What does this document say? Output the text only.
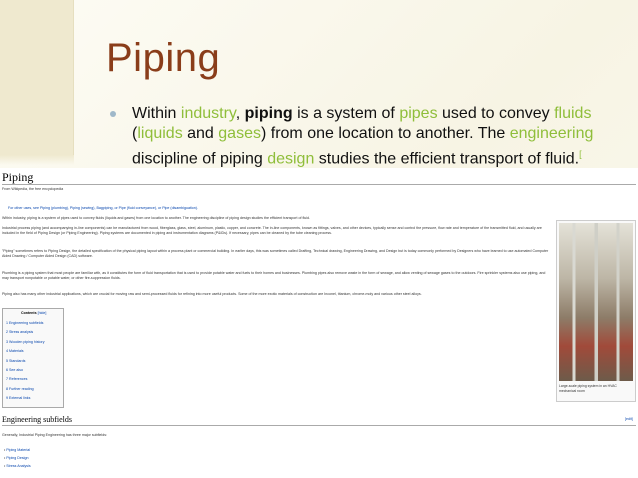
Piping
Within industry, piping is a system of pipes used to convey fluids (liquids and gases) from one location to another. The engineering discipline of piping design studies the efficient transport of fluid.[
Piping
From Wikipedia, the free encyclopedia
For other uses, see Piping (plumbing), Piping (sewing), Bagpiping, or Pipe (fluid conveyance), or Pipe (disambiguation).
Within industry, piping is a system of pipes used to convey fluids (liquids and gases) from one location to another. The engineering discipline of piping design studies the efficient transport of fluid.
Industrial process piping (and accompanying in-line components) can be manufactured from wood, fiberglass, glass, steel, aluminum, plastic, copper, and concrete. The in-line components, known as fittings, valves, and other devices, typically sense and control the pressure, flow rate and temperature of the transmitted fluid, and usually are included in the field of Piping Design (or Piping Engineering). Piping systems are documented in piping and instrumentation diagrams (P&IDs). If necessary, pipes can be cleaned by the tube cleaning process.
"Piping" sometimes refers to Piping Design, the detailed specification of the physical piping layout within a process plant or commercial building. In earlier days, this was sometimes called Drafting, Technical drawing, Engineering Drawing, and Design but is today commonly performed by Designers who have learned to use automated Computer Aided Drawing / Computer Aided Design (CAD) software.
Plumbing is a piping system that most people are familiar with, as it constitutes the form of fluid transportation that is used to provide potable water and fuels to their homes and businesses. Plumbing pipes also remove waste in the form of sewage, and allow venting of sewage gases to the outdoors. Fire sprinkler systems also use piping, and may transport nonpotable or potable water, or other fire-suppression fluids.
Piping also has many other industrial applications, which are crucial for moving raw and semi-processed fluids for refining into more useful products. Some of the more exotic materials of construction are Inconel, titanium, chrome-moly and various other steel alloys.
Contents [hide]
1 Engineering subfields
2 Stress analysis
3 Wooden piping history
4 Materials
5 Standards
6 See also
7 References
8 Further reading
9 External links
Large-scale piping system in an HVAC mechanical room
Engineering subfields	[edit]
Generally, Industrial Piping Engineering has three major subfields:
• Piping Material
• Piping Design
• Stress Analysis
